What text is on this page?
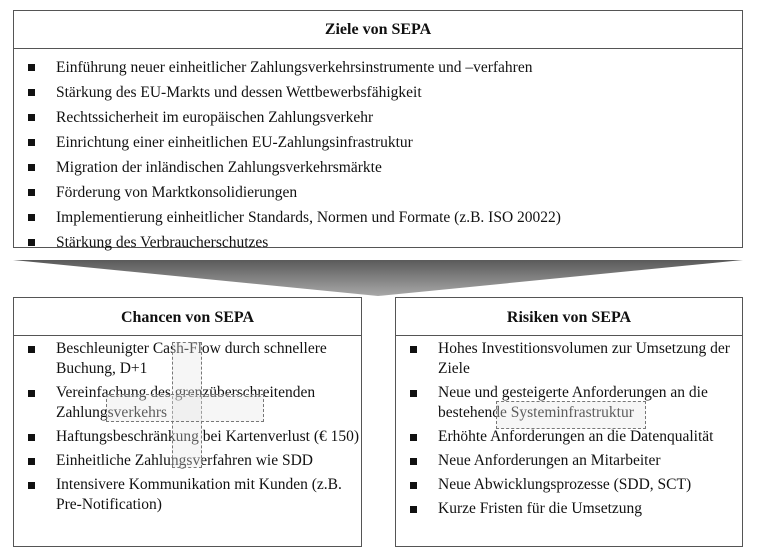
Ziele von SEPA
Einführung neuer einheitlicher Zahlungsverkehrsinstrumente und –verfahren
Stärkung des EU-Markts und dessen Wettbewerbsfähigkeit
Rechtssicherheit im europäischen Zahlungsverkehr
Einrichtung einer einheitlichen EU-Zahlungsinfrastruktur
Migration der inländischen Zahlungsverkehrsmärkte
Förderung von Marktkonsolidierungen
Implementierung einheitlicher Standards, Normen und Formate (z.B. ISO 20022)
Stärkung des Verbraucherschutzes
Chancen von SEPA
Beschleunigter Cash-Flow durch schnellere Buchung, D+1
Vereinfachung des grenzüberschreitenden Zahlungsverkehrs
Haftungsbeschränkung bei Kartenverlust (€ 150)
Einheitliche Zahlungsverfahren wie SDD
Intensivere Kommunikation mit Kunden (z.B. Pre-Notification)
Risiken von SEPA
Hohes Investitionsvolumen zur Umsetzung der Ziele
Neue und gesteigerte Anforderungen an die bestehende Systeminfrastruktur
Erhöhte Anforderungen an die Datenqualität
Neue Anforderungen an Mitarbeiter
Neue Abwicklungsprozesse (SDD, SCT)
Kurze Fristen für die Umsetzung
